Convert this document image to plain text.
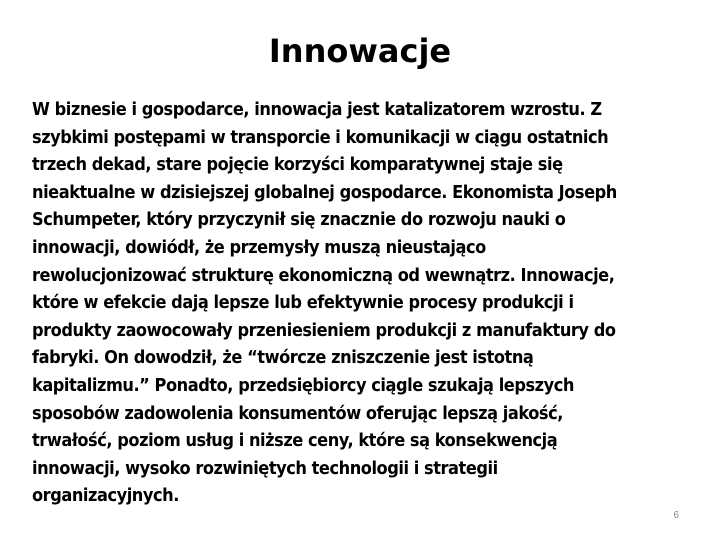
Innowacje
W biznesie i gospodarce, innowacja jest katalizatorem wzrostu. Z
szybkimi postępami w transporcie i komunikacji w ciągu ostatnich
trzech dekad, stare pojęcie korzyści komparatywnej staje się
nieaktualne w dzisiejszej globalnej gospodarce. Ekonomista Joseph
Schumpeter, który przyczynił się znacznie do rozwoju nauki o
innowacji, dowiódł, że przemysły muszą nieustająco
rewolucjonizować strukturę ekonomiczną od wewnątrz. Innowacje,
które w efekcie dają lepsze lub efektywnie procesy produkcji i
produkty zaowocowały przeniesieniem produkcji z manufaktury do
fabryki. On dowodził, że “twórcze zniszczenie jest istotną
kapitalizmu.” Ponadto, przedsiębiorcy ciągle szukają lepszych
sposobów zadowolenia konsumentów oferując lepszą jakość,
trwałość, poziom usług i niższe ceny, które są konsekwencją
innowacji, wysoko rozwiniętych technologii i strategii
organizacyjnych.
6
